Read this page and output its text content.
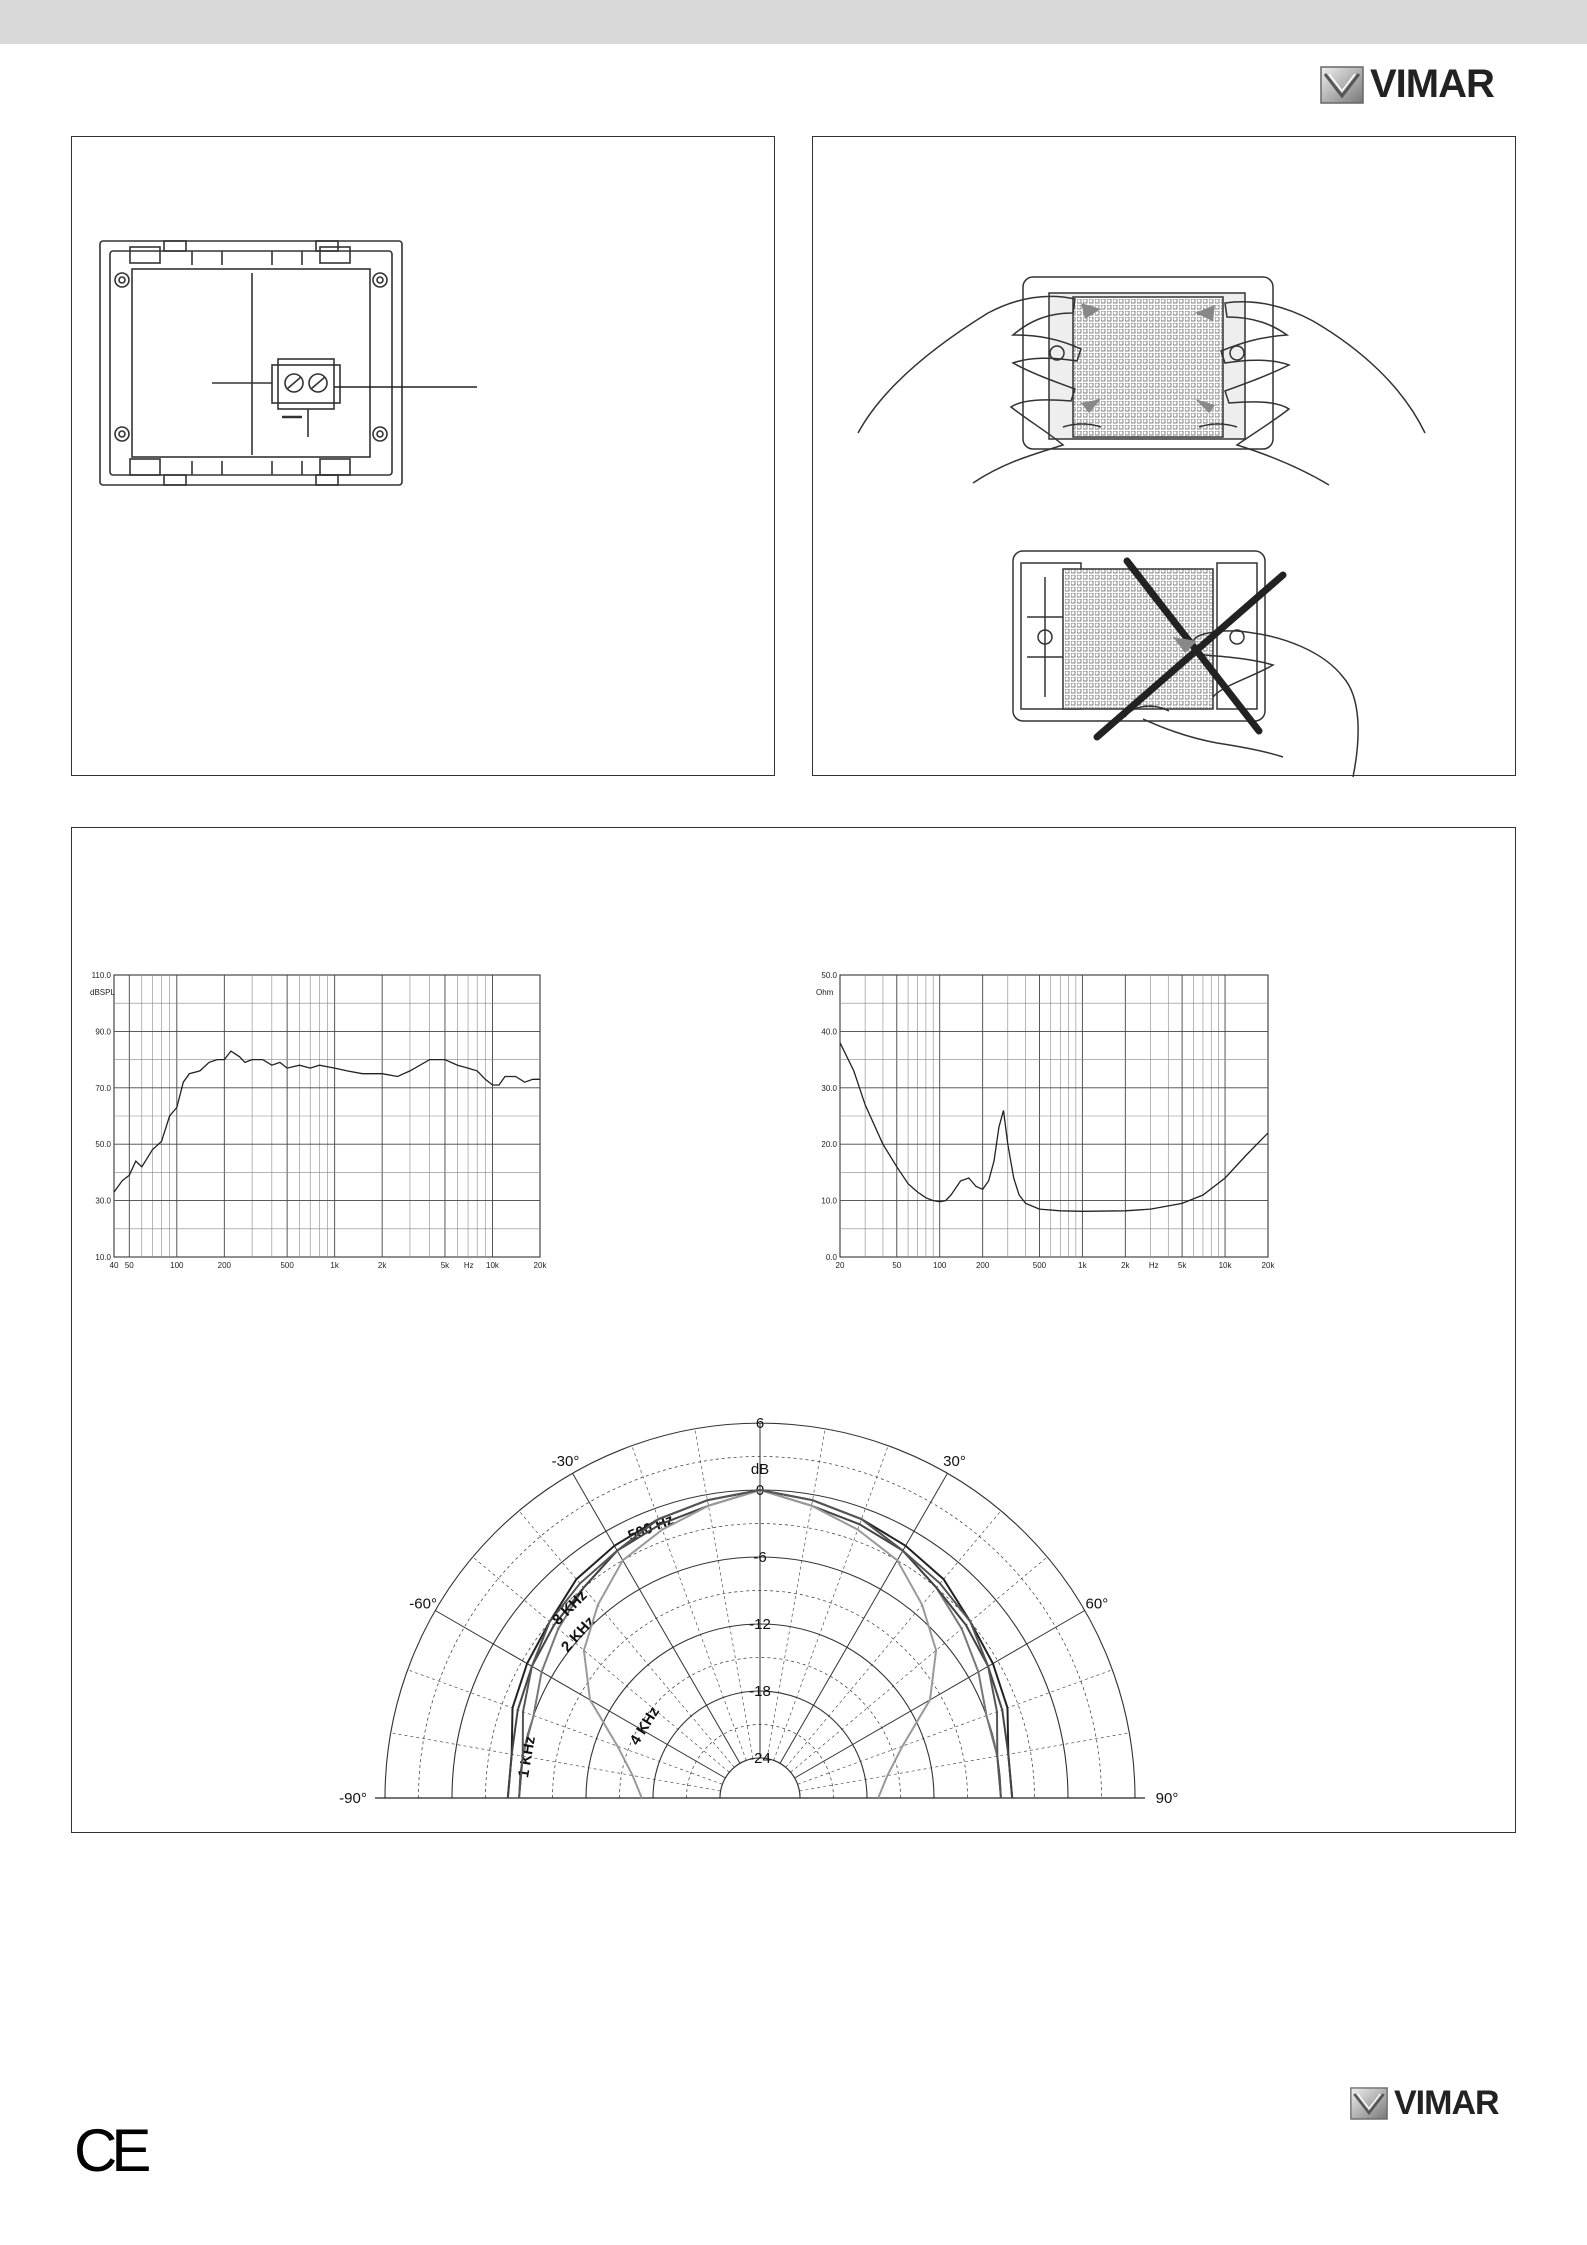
VIMAR
110.0
90.0
70.0
50.0
30.0
10.0
dBSPL
40 50	100	200	500	1k	2k	5k Hz 10k	20k
50.0
40.0
30.0
20.0
10.0
0.0
Ohm
20	50	100	200	500	1k	2k Hz 5k	10k	20k
6
0
-6
-12
-18
-24
dB
-90°
-60°
-30°	30°
60°
90°
500 Hz
1 KHz
2 KHz
4 KHz
8 KHz
VIMAR
CE
